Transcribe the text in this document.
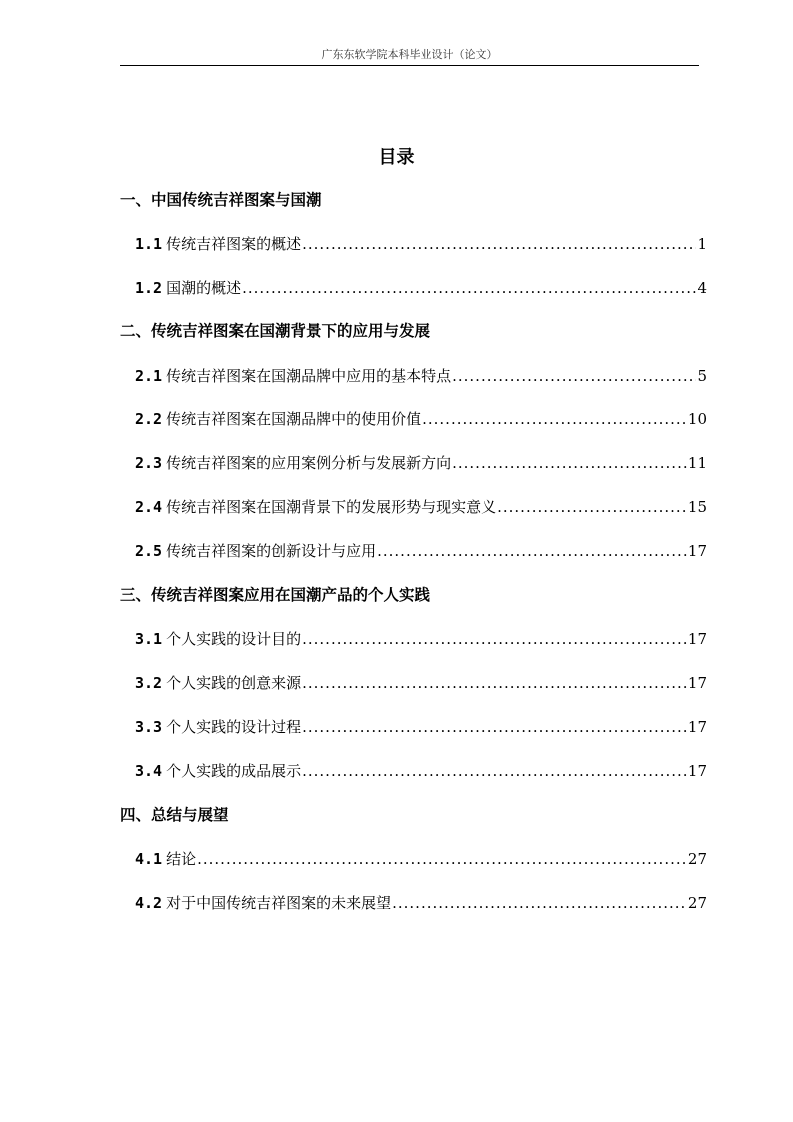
广东东软学院本科毕业设计（论文）
目录
一、中国传统吉祥图案与国潮
1.1 传统吉祥图案的概述 .....	1
1.2 国潮的概述 .....	4
二、传统吉祥图案在国潮背景下的应用与发展
2.1 传统吉祥图案在国潮品牌中应用的基本特点 .....	5
2.2 传统吉祥图案在国潮品牌中的使用价值 .....	10
2.3 传统吉祥图案的应用案例分析与发展新方向 .....	11
2.4 传统吉祥图案在国潮背景下的发展形势与现实意义 .....	15
2.5 传统吉祥图案的创新设计与应用 .....	17
三、传统吉祥图案应用在国潮产品的个人实践
3.1 个人实践的设计目的 .....	17
3.2 个人实践的创意来源 .....	17
3.3 个人实践的设计过程 .....	17
3.4 个人实践的成品展示 .....	17
四、总结与展望
4.1 结论 .....	27
4.2 对于中国传统吉祥图案的未来展望 .....	27
